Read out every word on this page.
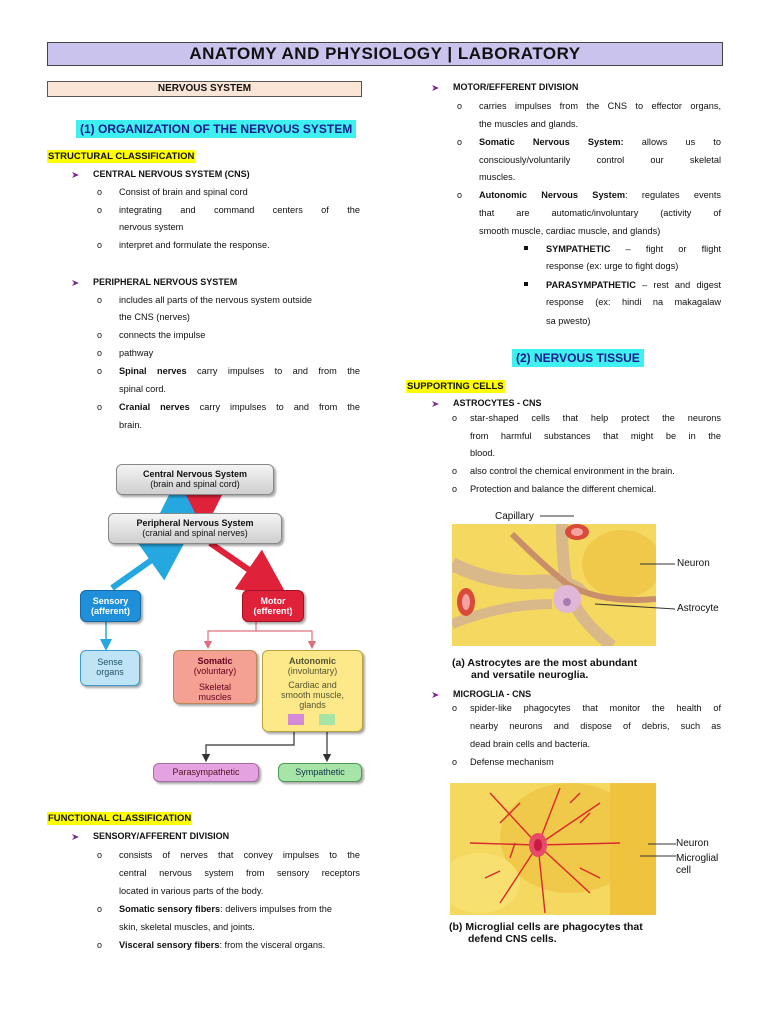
ANATOMY AND PHYSIOLOGY | LABORATORY
NERVOUS SYSTEM
(1) ORGANIZATION OF THE NERVOUS SYSTEM
STRUCTURAL CLASSIFICATION
CENTRAL NERVOUS SYSTEM (CNS)
o Consist of brain and spinal cord
o integrating and command centers of the
nervous system
o interpret and formulate the response.
PERIPHERAL NERVOUS SYSTEM
o includes all parts of the nervous system outside
the CNS (nerves)
o connects the impulse
o pathway
o Spinal nerves carry impulses to and from the
spinal cord.
o Cranial nerves carry impulses to and from the
brain.
Central Nervous System
(brain and spinal cord)
Peripheral Nervous System
(cranial and spinal nerves)
Sensory
(afferent)
Motor
(efferent)
Sense
organs
Somatic
(voluntary)
Skeletal
muscles
Autonomic
(involuntary)
Cardiac and
smooth muscle,
glands
Parasympathetic	Sympathetic
FUNCTIONAL CLASSIFICATION
SENSORY/AFFERENT DIVISION
o consists of nerves that convey impulses to the
central nervous system from sensory receptors
located in various parts of the body.
o Somatic sensory fibers: delivers impulses from the
skin, skeletal muscles, and joints.
o Visceral sensory fibers: from the visceral organs.
MOTOR/EFFERENT DIVISION
o carries impulses from the CNS to effector organs,
the muscles and glands.
o Somatic Nervous System: allows us to
consciously/voluntarily control our skeletal
muscles.
o Autonomic Nervous System: regulates events
that are automatic/involuntary (activity of
smooth muscle, cardiac muscle, and glands)
SYMPATHETIC – fight or flight
response (ex: urge to fight dogs)
PARASYMPATHETIC – rest and digest
response (ex: hindi na makagalaw
sa pwesto)
(2) NERVOUS TISSUE
SUPPORTING CELLS
ASTROCYTES - CNS
o star-shaped cells that help protect the neurons
from harmful substances that might be in the
blood.
o also control the chemical environment in the brain.
o Protection and balance the different chemical.
Capillary
Neuron
Astrocyte
(a) Astrocytes are the most abundant
and versatile neuroglia.
MICROGLIA - CNS
o spider-like phagocytes that monitor the health of
nearby neurons and dispose of debris, such as
dead brain cells and bacteria.
o Defense mechanism
Neuron
Microglial
cell
(b) Microglial cells are phagocytes that
defend CNS cells.
